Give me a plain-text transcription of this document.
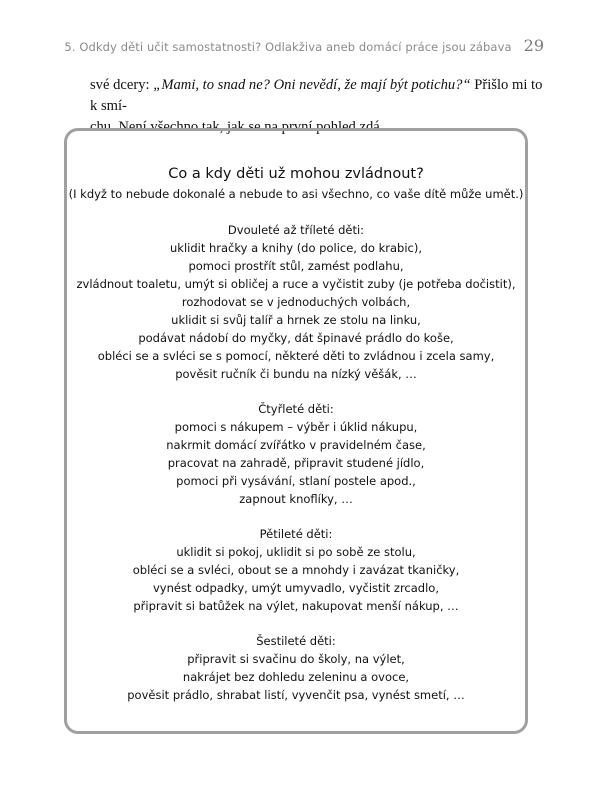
5. Odkdy děti učit samostatnosti? Odlakživa aneb domácí práce jsou zábava 29

své dcery: „Mami, to snad ne? Oni nevědí, že mají být potichu?“ Přišlo mi to k smí-

chu. Není všechno tak, jak se na první pohled zdá.

Co a kdy děti už mohou zvládnout?
(I když to nebude dokonalé a nebude to asi všechno, co vaše dítě může umět.)
Dvouleté až tříleté děti:
uklidit hračky a knihy (do police, do krabic),
pomoci prostřít stůl, zamést podlahu,
zvládnout toaletu, umýt si obličej a ruce a vyčistit zuby (je potřeba dočistit),
rozhodovat se v jednoduchých volbách,
uklidit si svůj talíř a hrnek ze stolu na linku,
podávat nádobí do myčky, dát špinavé prádlo do koše,
obléci se a svléci se s pomocí, některé děti to zvládnou i zcela samy,
pověsit ručník či bundu na nízký věšák, …
Čtyřleté děti:
pomoci s nákupem – výběr i úklid nákupu,
nakrmit domácí zvířátko v pravidelném čase,
pracovat na zahradě, připravit studené jídlo,
pomoci při vysávání, stlaní postele apod.,
zapnout knoflíky, …
Pětileté děti:
uklidit si pokoj, uklidit si po sobě ze stolu,
obléci se a svléci, obout se a mnohdy i zavázat tkaničky,
vynést odpadky, umýt umyvadlo, vyčistit zrcadlo,
připravit si batůžek na výlet, nakupovat menší nákup, …
Šestileté děti:
připravit si svačinu do školy, na výlet,
nakrájet bez dohledu zeleninu a ovoce,
pověsit prádlo, shrabat listí, vyvenčit psa, vynést smetí, …
